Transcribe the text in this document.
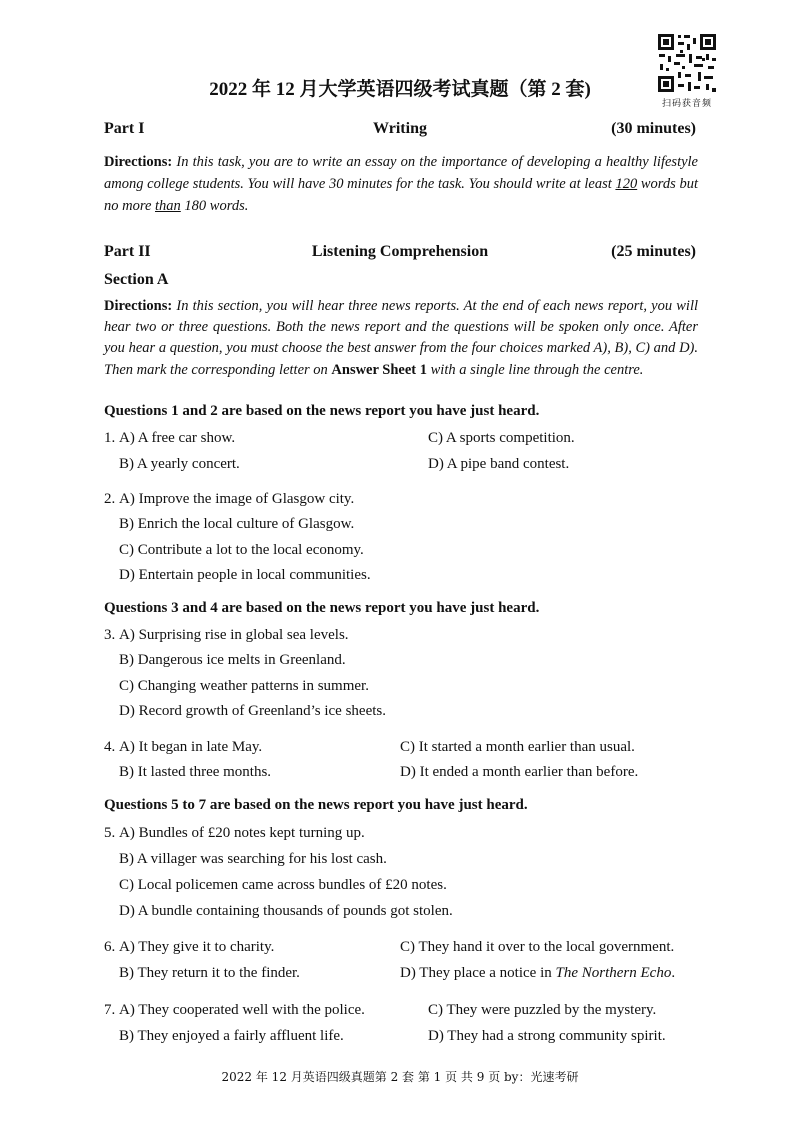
扫码获音频
2022 年 12 月大学英语四级考试真题（第 2 套)
Writing
Part I	(30 minutes)
Directions: In this task, you are to write an essay on the importance of developing a healthy lifestyle among college students. You will have 30 minutes for the task. You should write at least 120 words but no more than 180 words.
Listening Comprehension
Part II	(25 minutes)
Section A
Directions: In this section, you will hear three news reports. At the end of each news report, you will hear two or three questions. Both the news report and the questions will be spoken only once. After you hear a question, you must choose the best answer from the four choices marked A), B), C) and D). Then mark the corresponding letter on Answer Sheet 1 with a single line through the centre.
Questions 1 and 2 are based on the news report you have just heard.
1. A) A free car show.
B) A yearly concert.
C) A sports competition.
D) A pipe band contest.
2. A) Improve the image of Glasgow city.
B) Enrich the local culture of Glasgow.
C) Contribute a lot to the local economy.
D) Entertain people in local communities.
Questions 3 and 4 are based on the news report you have just heard.
3. A) Surprising rise in global sea levels.
B) Dangerous ice melts in Greenland.
C) Changing weather patterns in summer.
D) Record growth of Greenland’s ice sheets.
4. A) It began in late May.
B) It lasted three months.
C) It started a month earlier than usual.
D) It ended a month earlier than before.
Questions 5 to 7 are based on the news report you have just heard.
5. A) Bundles of £20 notes kept turning up.
B) A villager was searching for his lost cash.
C) Local policemen came across bundles of £20 notes.
D) A bundle containing thousands of pounds got stolen.
6. A) They give it to charity.
B) They return it to the finder.
C) They hand it over to the local government.
D) They place a notice in The Northern Echo.
7. A) They cooperated well with the police.
B) They enjoyed a fairly affluent life.
C) They were puzzled by the mystery.
D) They had a strong community spirit.
2022 年 12 月英语四级真题第 2 套 第 1 页 共 9 页 by：光速考研
